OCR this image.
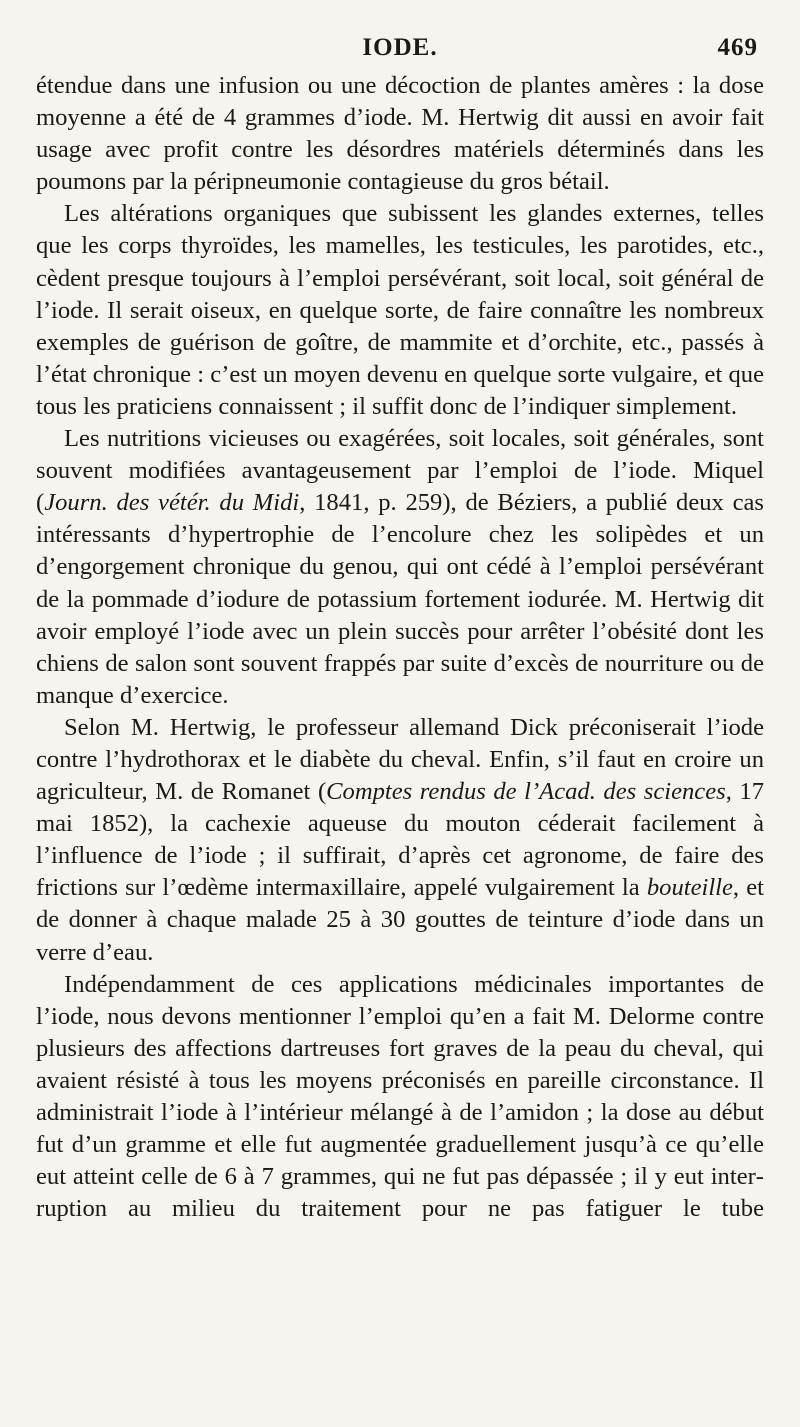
IODE.	469

étendue dans une infusion ou une décoction de plantes amères : la dose moyenne a été de 4 grammes d’iode. M. Hertwig dit aussi en avoir fait usage avec profit contre les désordres matériels déterminés dans les poumons par la péripneumonie contagieuse du gros bétail.

Les altérations organiques que subissent les glandes externes, telles que les corps thyroïdes, les mamelles, les testicules, les parotides, etc., cèdent presque toujours à l’emploi persévérant, soit local, soit général de l’iode. Il serait oiseux, en quelque sorte, de faire connaître les nombreux exemples de guérison de goître, de mammite et d’orchite, etc., passés à l’état chronique : c’est un moyen devenu en quelque sorte vulgaire, et que tous les praticiens connaissent ; il suffit donc de l’indiquer simplement.

Les nutritions vicieuses ou exagérées, soit locales, soit générales, sont souvent modifiées avantageusement par l’emploi de l’iode. Miquel (Journ. des vétér. du Midi, 1841, p. 259), de Béziers, a publié deux cas intéressants d’hypertrophie de l’encolure chez les solipèdes et un d’engorgement chronique du genou, qui ont cédé à l’emploi persévérant de la pommade d’iodure de potassium fortement iodurée. M. Hertwig dit avoir employé l’iode avec un plein succès pour arrêter l’obésité dont les chiens de salon sont souvent frappés par suite d’excès de nourriture ou de manque d’exercice.

Selon M. Hertwig, le professeur allemand Dick préconiserait l’iode contre l’hydrothorax et le diabète du cheval. Enfin, s’il faut en croire un agriculteur, M. de Romanet (Comptes rendus de l’Acad. des sciences, 17 mai 1852), la cachexie aqueuse du mouton céderait facilement à l’influence de l’iode ; il suffirait, d’après cet agronome, de faire des frictions sur l’œdème intermaxillaire, appelé vulgairement la bouteille, et de donner à chaque malade 25 à 30 gouttes de teinture d’iode dans un verre d’eau.

Indépendamment de ces applications médicinales importantes de l’iode, nous devons mentionner l’emploi qu’en a fait M. Delorme contre plusieurs des affections dartreuses fort graves de la peau du cheval, qui avaient résisté à tous les moyens préconisés en pareille circonstance. Il administrait l’iode à l’intérieur mélangé à de l’amidon ; la dose au début fut d’un gramme et elle fut augmentée graduellement jusqu’à ce qu’elle eut atteint celle de 6 à 7 grammes, qui ne fut pas dépassée ; il y eut interruption au milieu du traitement pour ne pas fatiguer le tube
